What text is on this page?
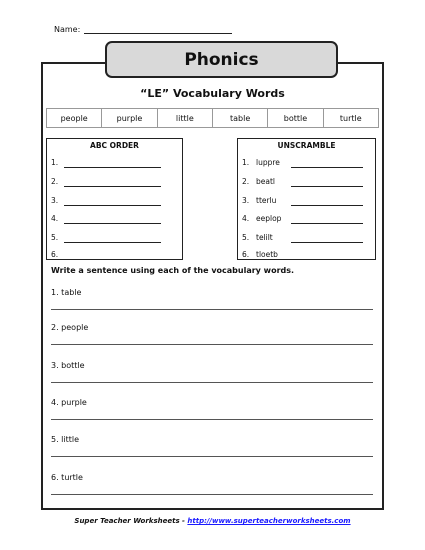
Name:
Phonics
“LE” Vocabulary Words
people	purple	little	table	bottle	turtle
ABC ORDER
1.
2.
3.
4.
5.
6.
UNSCRAMBLE
1. luppre
2. beatl
3. tterlu
4. eeplop
5. telilt
6. tloetb
Write a sentence using each of the vocabulary words.
1. table
2. people
3. bottle
4. purple
5. little
6. turtle
Super Teacher Worksheets - http://www.superteacherworksheets.com
